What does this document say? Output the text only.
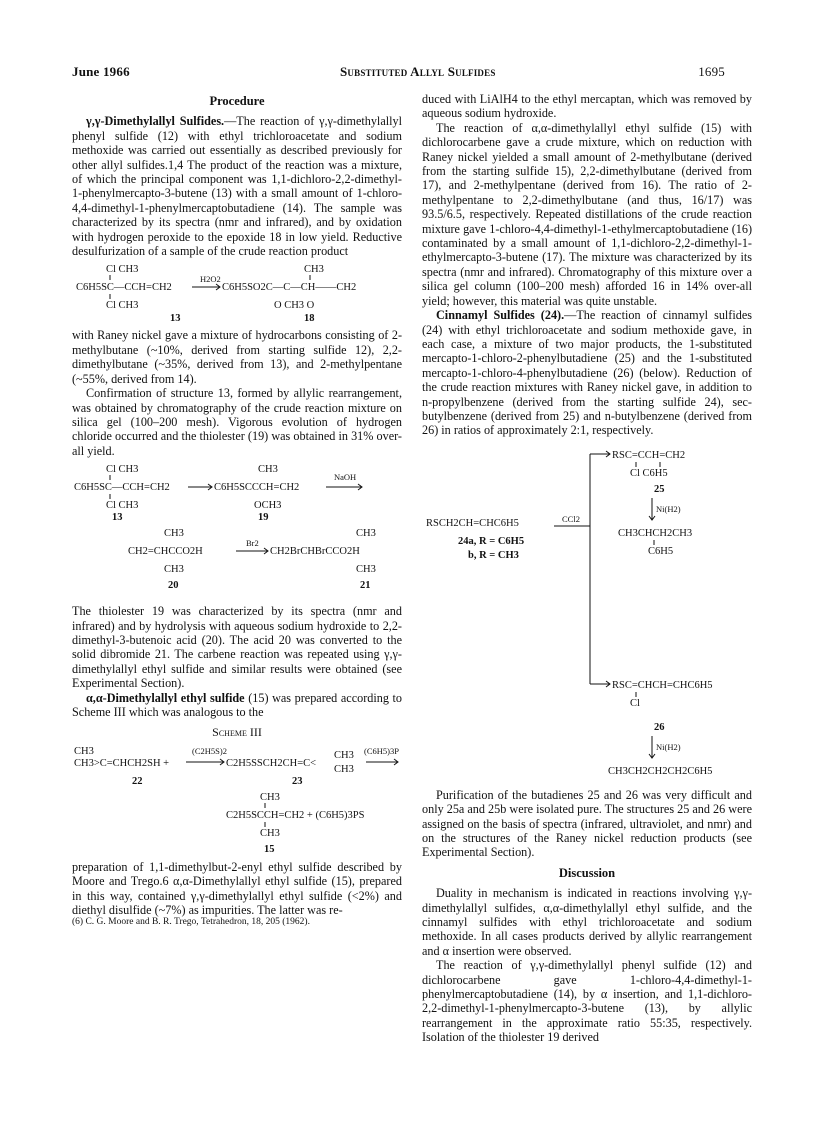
June 1966	Substituted Allyl Sulfides	1695
Procedure

γ,γ-Dimethylallyl Sulfides.—The reaction of γ,γ-dimethylallyl phenyl sulfide (12) with ethyl trichloroacetate and sodium methoxide was carried out essentially as described previously for other allyl sulfides.1,4 The product of the reaction was a mixture, of which the principal component was 1,1-dichloro-2,2-dimethyl-1-phenylmercapto-3-butene (13) with a small amount of 1-chloro-4,4-dimethyl-1-phenylmercaptobutadiene (14). The sample was characterized by its spectra (nmr and infrared), and by oxidation with hydrogen peroxide to the epoxide 18 in low yield. Reductive desulfurization of a sample of the crude reaction product

Cl CH3
C6H5SC—CCH=CH2
Cl CH3
H2O2
CH3
C6H5SO2C—C—CH——CH2
O CH3 O
13	18

with Raney nickel gave a mixture of hydrocarbons consisting of 2-methylbutane (~10%, derived from starting sulfide 12), 2,2-dimethylbutane (~35%, derived from 13), and 2-methylpentane (~55%, derived from 14).

Confirmation of structure 13, formed by allylic rearrangement, was obtained by chromatography of the crude reaction mixture on silica gel (100–200 mesh). Vigorous evolution of hydrogen chloride occurred and the thiolester (19) was obtained in 31% over-all yield.

Cl CH3
C6H5SC—CCH=CH2
Cl CH3
CH3
C6H5SCCCH=CH2
OCH3
NaOH
13	19
CH3
CH2=CHCCO2H
CH3
Br2
CH3
CH2BrCHBrCCO2H
CH3
20	21

The thiolester 19 was characterized by its spectra (nmr and infrared) and by hydrolysis with aqueous sodium hydroxide to 2,2-dimethyl-3-butenoic acid (20). The acid 20 was converted to the solid dibromide 21. The carbene reaction was repeated using γ,γ-dimethylallyl ethyl sulfide and similar results were obtained (see Experimental Section).

α,α-Dimethylallyl ethyl sulfide (15) was prepared according to Scheme III which was analogous to the

Scheme III
CH3
CH3>C=CHCH2SH +
(C2H5S)2
C2H5SSCH2CH=C<
CH3
CH3
(C6H5)3P
22	23
CH3
C2H5SCCH=CH2 + (C6H5)3PS
CH3
15

preparation of 1,1-dimethylbut-2-enyl ethyl sulfide described by Moore and Trego.6 α,α-Dimethylallyl ethyl sulfide (15), prepared in this way, contained γ,γ-dimethylallyl ethyl sulfide (<2%) and diethyl disulfide (~7%) as impurities. The latter was re-

(6) C. G. Moore and B. R. Trego, Tetrahedron, 18, 205 (1962).

duced with LiAlH4 to the ethyl mercaptan, which was removed by aqueous sodium hydroxide.

The reaction of α,α-dimethylallyl ethyl sulfide (15) with dichlorocarbene gave a crude mixture, which on reduction with Raney nickel yielded a small amount of 2-methylbutane (derived from the starting sulfide 15), 2,2-dimethylbutane (derived from 17), and 2-methylpentane (derived from 16). The ratio of 2-methylpentane to 2,2-dimethylbutane (and thus, 16/17) was 93.5/6.5, respectively. Repeated distillations of the crude reaction mixture gave 1-chloro-4,4-dimethyl-1-ethylmercaptobutadiene (16) contaminated by a small amount of 1,1-dichloro-2,2-dimethyl-1-ethylmercapto-3-butene (17). The mixture was characterized by its spectra (nmr and infrared). Chromatography of this mixture over a silica gel column (100–200 mesh) afforded 16 in 14% over-all yield; however, this material was quite unstable.

Cinnamyl Sulfides (24).—The reaction of cinnamyl sulfides (24) with ethyl trichloroacetate and sodium methoxide gave, in each case, a mixture of two major products, the 1-substituted mercapto-1-chloro-2-phenylbutadiene (25) and the 1-substituted mercapto-1-chloro-4-phenylbutadiene (26) (below). Reduction of the crude reaction mixtures with Raney nickel gave, in addition to n-propylbenzene (derived from the starting sulfide 24), sec-butylbenzene (derived from 25) and n-butylbenzene (derived from 26) in ratios of approximately 2:1, respectively.

RSC=CCH=CH2
Cl C6H5
25
Ni(H2)
CH3CHCH2CH3
C6H5
RSCH2CH=CHC6H5	CCl2
24a, R = C6H5
b, R = CH3
RSC=CHCH=CHC6H5
Cl
26
Ni(H2)
CH3CH2CH2CH2C6H5

Purification of the butadienes 25 and 26 was very difficult and only 25a and 25b were isolated pure. The structures 25 and 26 were assigned on the basis of spectra (infrared, ultraviolet, and nmr) and on the structures of the Raney nickel reduction products (see Experimental Section).

Discussion

Duality in mechanism is indicated in reactions involving γ,γ-dimethylallyl sulfides, α,α-dimethylallyl ethyl sulfide, and the cinnamyl sulfides with ethyl trichloroacetate and sodium methoxide. In all cases products derived by allylic rearrangement and α insertion were observed.

The reaction of γ,γ-dimethylallyl phenyl sulfide (12) and dichlorocarbene gave 1-chloro-4,4-dimethyl-1-phenylmercaptobutadiene (14), by α insertion, and 1,1-dichloro-2,2-dimethyl-1-phenylmercapto-3-butene (13), by allylic rearrangement in the approximate ratio 55:35, respectively. Isolation of the thiolester 19 derived
